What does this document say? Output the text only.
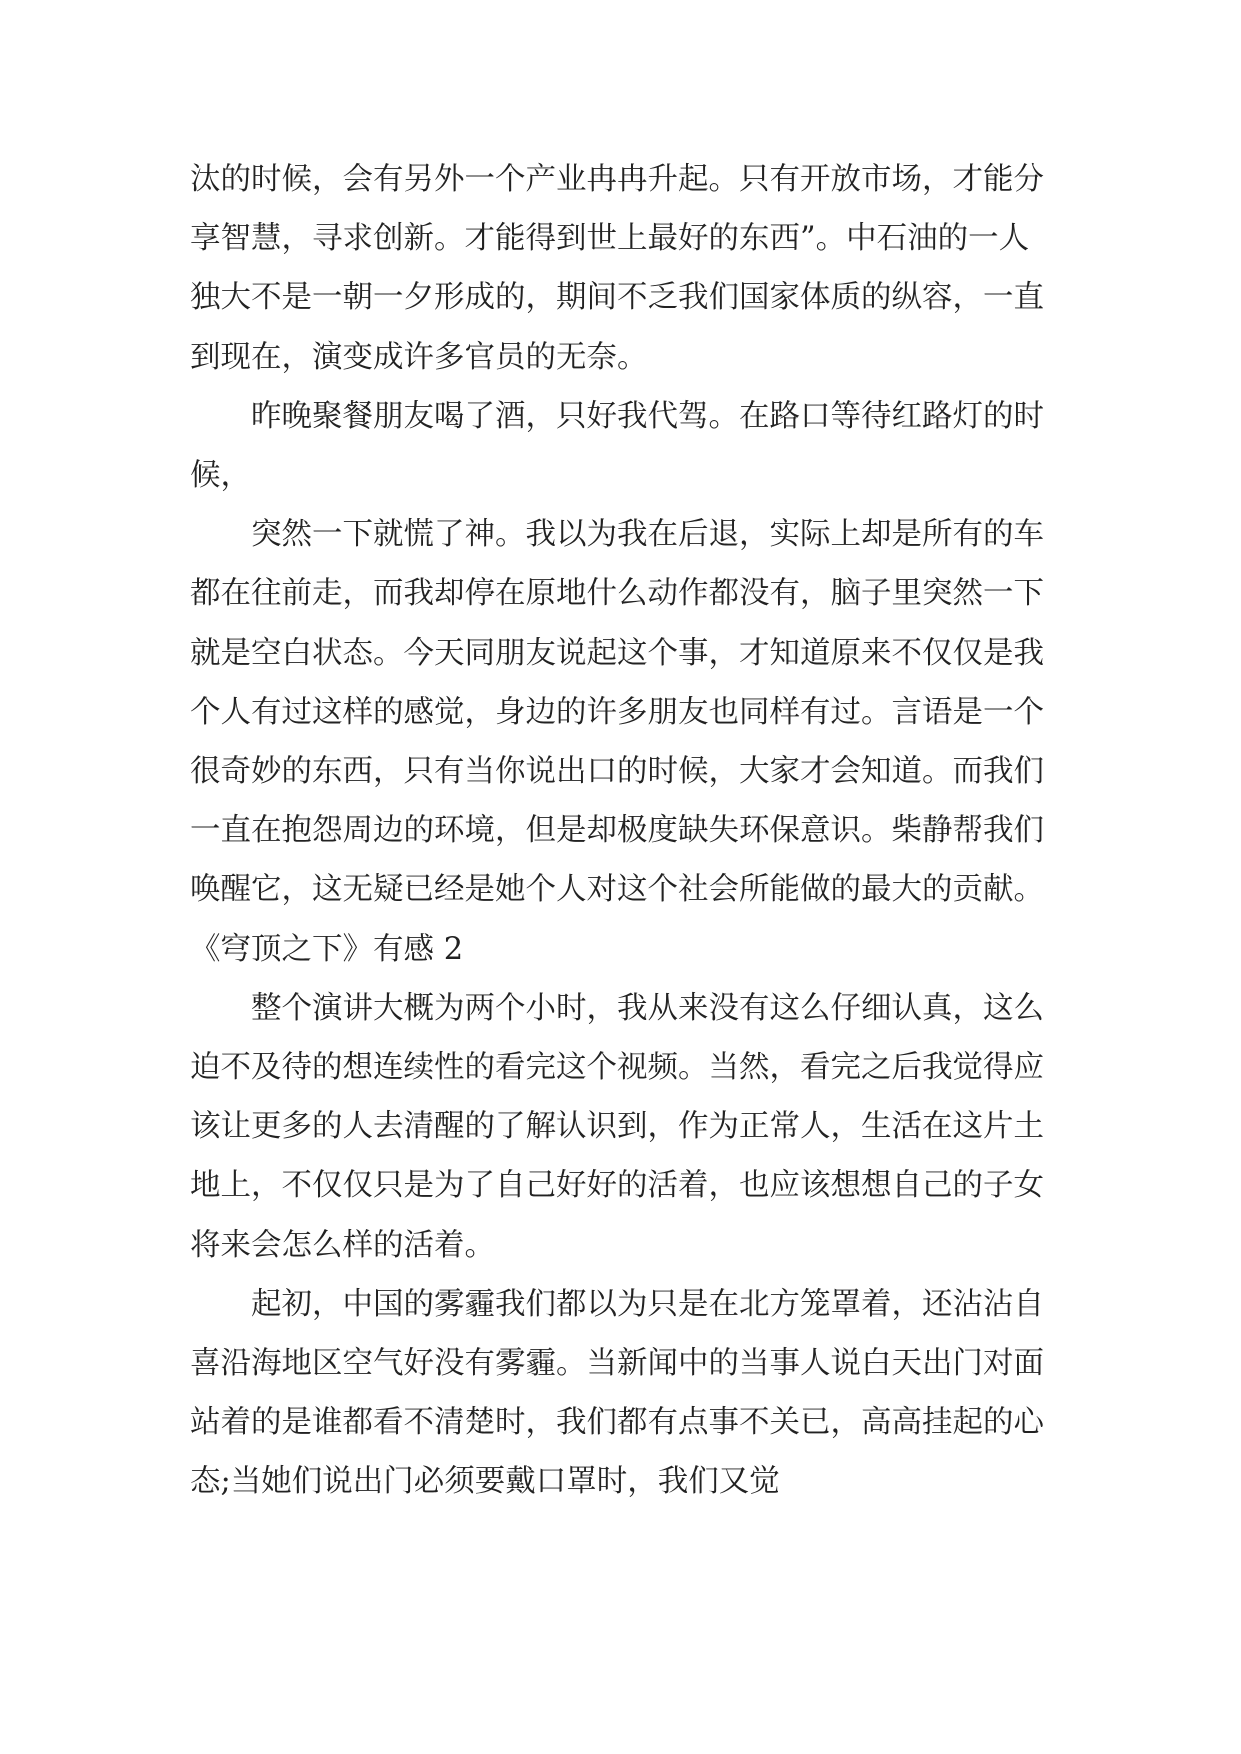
汰的时候，会有另外一个产业冉冉升起。只有开放市场，才能分享智慧，寻求创新。才能得到世上最好的东西”。中石油的一人独大不是一朝一夕形成的，期间不乏我们国家体质的纵容，一直到现在，演变成许多官员的无奈。

昨晚聚餐朋友喝了酒，只好我代驾。在路口等待红路灯的时候，

突然一下就慌了神。我以为我在后退，实际上却是所有的车都在往前走，而我却停在原地什么动作都没有，脑子里突然一下就是空白状态。今天同朋友说起这个事，才知道原来不仅仅是我个人有过这样的感觉，身边的许多朋友也同样有过。言语是一个很奇妙的东西，只有当你说出口的时候，大家才会知道。而我们一直在抱怨周边的环境，但是却极度缺失环保意识。柴静帮我们唤醒它，这无疑已经是她个人对这个社会所能做的最大的贡献。

《穹顶之下》有感 2

整个演讲大概为两个小时，我从来没有这么仔细认真，这么迫不及待的想连续性的看完这个视频。当然，看完之后我觉得应该让更多的人去清醒的了解认识到，作为正常人，生活在这片土地上，不仅仅只是为了自己好好的活着，也应该想想自己的子女将来会怎么样的活着。

起初，中国的雾霾我们都以为只是在北方笼罩着，还沾沾自喜沿海地区空气好没有雾霾。当新闻中的当事人说白天出门对面站着的是谁都看不清楚时，我们都有点事不关已，高高挂起的心态;当她们说出门必须要戴口罩时，我们又觉
